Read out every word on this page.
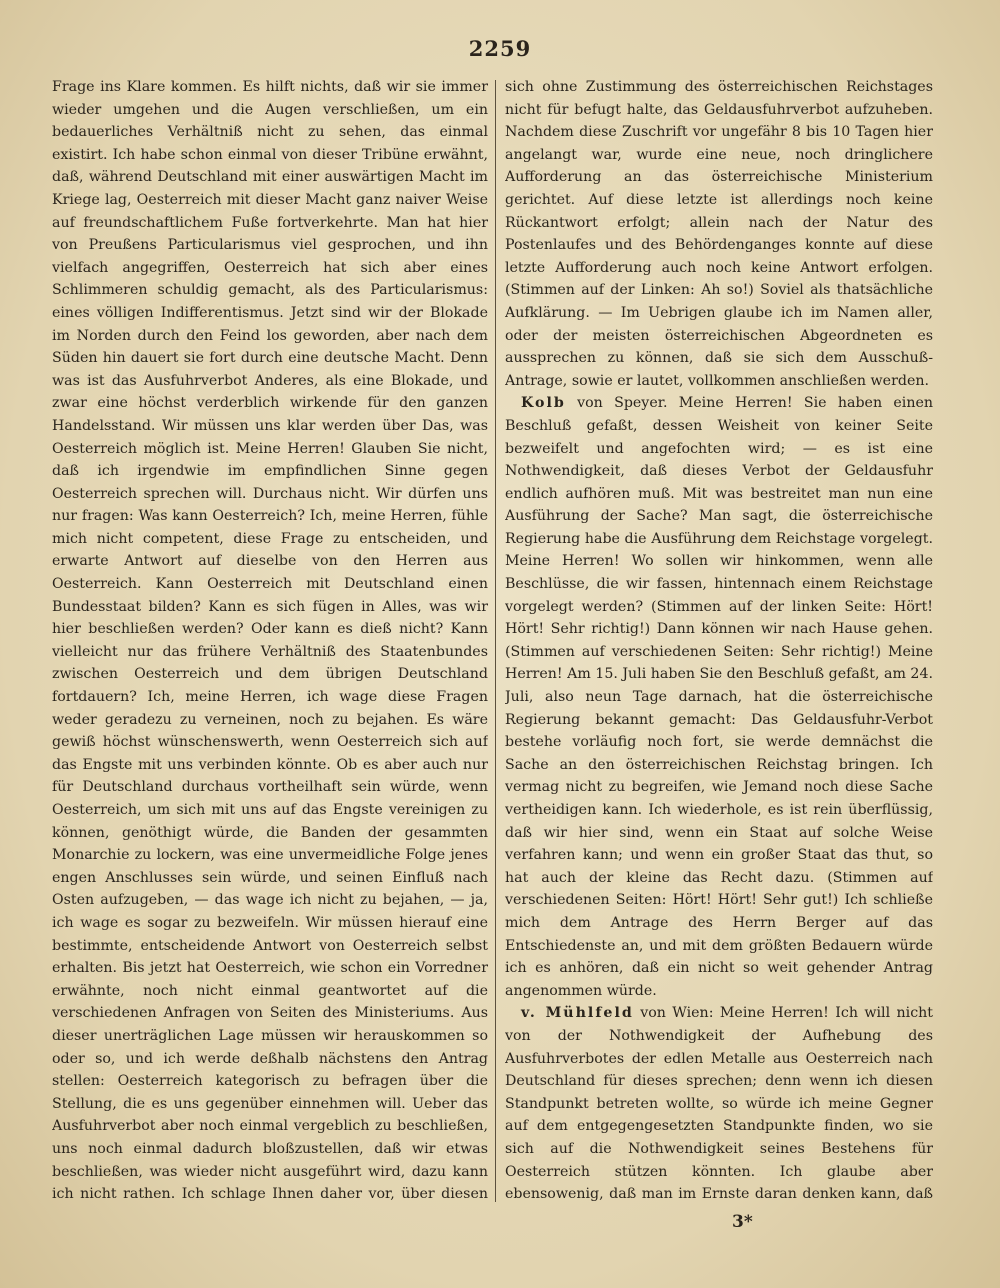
2259

Frage ins Klare kommen. Es hilft nichts, daß wir sie immer wieder umgehen und die Augen verschließen, um ein bedauerliches Verhältniß nicht zu sehen, das einmal existirt. Ich habe schon einmal von dieser Tribüne erwähnt, daß, während Deutschland mit einer auswärtigen Macht im Kriege lag, Oesterreich mit dieser Macht ganz naiver Weise auf freundschaftlichem Fuße fortverkehrte. Man hat hier von Preußens Particularismus viel gesprochen, und ihn vielfach angegriffen, Oesterreich hat sich aber eines Schlimmeren schuldig gemacht, als des Particularismus: eines völligen Indifferentismus. Jetzt sind wir der Blokade im Norden durch den Feind los geworden, aber nach dem Süden hin dauert sie fort durch eine deutsche Macht. Denn was ist das Ausfuhrverbot Anderes, als eine Blokade, und zwar eine höchst verderblich wirkende für den ganzen Handelsstand. Wir müssen uns klar werden über Das, was Oesterreich möglich ist. Meine Herren! Glauben Sie nicht, daß ich irgendwie im empfindlichen Sinne gegen Oesterreich sprechen will. Durchaus nicht. Wir dürfen uns nur fragen: Was kann Oesterreich? Ich, meine Herren, fühle mich nicht competent, diese Frage zu entscheiden, und erwarte Antwort auf dieselbe von den Herren aus Oesterreich. Kann Oesterreich mit Deutschland einen Bundesstaat bilden? Kann es sich fügen in Alles, was wir hier beschließen werden? Oder kann es dieß nicht? Kann vielleicht nur das frühere Verhältniß des Staatenbundes zwischen Oesterreich und dem übrigen Deutschland fortdauern? Ich, meine Herren, ich wage diese Fragen weder geradezu zu verneinen, noch zu bejahen. Es wäre gewiß höchst wünschenswerth, wenn Oesterreich sich auf das Engste mit uns verbinden könnte. Ob es aber auch nur für Deutschland durchaus vortheilhaft sein würde, wenn Oesterreich, um sich mit uns auf das Engste vereinigen zu können, genöthigt würde, die Banden der gesammten Monarchie zu lockern, was eine unvermeidliche Folge jenes engen Anschlusses sein würde, und seinen Einfluß nach Osten aufzugeben, — das wage ich nicht zu bejahen, — ja, ich wage es sogar zu bezweifeln. Wir müssen hierauf eine bestimmte, entscheidende Antwort von Oesterreich selbst erhalten. Bis jetzt hat Oesterreich, wie schon ein Vorredner erwähnte, noch nicht einmal geantwortet auf die verschiedenen Anfragen von Seiten des Ministeriums. Aus dieser unerträglichen Lage müssen wir herauskommen so oder so, und ich werde deßhalb nächstens den Antrag stellen: Oesterreich kategorisch zu befragen über die Stellung, die es uns gegenüber einnehmen will. Ueber das Ausfuhrverbot aber noch einmal vergeblich zu beschließen, uns noch einmal dadurch bloßzustellen, daß wir etwas beschließen, was wieder nicht ausgeführt wird, dazu kann ich nicht rathen. Ich schlage Ihnen daher vor, über diesen

sich ohne Zustimmung des österreichischen Reichstages nicht für befugt halte, das Geldausfuhrverbot aufzuheben. Nachdem diese Zuschrift vor ungefähr 8 bis 10 Tagen hier angelangt war, wurde eine neue, noch dringlichere Aufforderung an das österreichische Ministerium gerichtet. Auf diese letzte ist allerdings noch keine Rückantwort erfolgt; allein nach der Natur des Postenlaufes und des Behördenganges konnte auf diese letzte Aufforderung auch noch keine Antwort erfolgen. (Stimmen auf der Linken: Ah so!) Soviel als thatsächliche Aufklärung. — Im Uebrigen glaube ich im Namen aller, oder der meisten österreichischen Abgeordneten es aussprechen zu können, daß sie sich dem Ausschuß-Antrage, sowie er lautet, vollkommen anschließen werden.

Kolb von Speyer. Meine Herren! Sie haben einen Beschluß gefaßt, dessen Weisheit von keiner Seite bezweifelt und angefochten wird; — es ist eine Nothwendigkeit, daß dieses Verbot der Geldausfuhr endlich aufhören muß. Mit was bestreitet man nun eine Ausführung der Sache? Man sagt, die österreichische Regierung habe die Ausführung dem Reichstage vorgelegt. Meine Herren! Wo sollen wir hinkommen, wenn alle Beschlüsse, die wir fassen, hintennach einem Reichstage vorgelegt werden? (Stimmen auf der linken Seite: Hört! Hört! Sehr richtig!) Dann können wir nach Hause gehen. (Stimmen auf verschiedenen Seiten: Sehr richtig!) Meine Herren! Am 15. Juli haben Sie den Beschluß gefaßt, am 24. Juli, also neun Tage darnach, hat die österreichische Regierung bekannt gemacht: Das Geldausfuhr-Verbot bestehe vorläufig noch fort, sie werde demnächst die Sache an den österreichischen Reichstag bringen. Ich vermag nicht zu begreifen, wie Jemand noch diese Sache vertheidigen kann. Ich wiederhole, es ist rein überflüssig, daß wir hier sind, wenn ein Staat auf solche Weise verfahren kann; und wenn ein großer Staat das thut, so hat auch der kleine das Recht dazu. (Stimmen auf verschiedenen Seiten: Hört! Hört! Sehr gut!) Ich schließe mich dem Antrage des Herrn Berger auf das Entschiedenste an, und mit dem größten Bedauern würde ich es anhören, daß ein nicht so weit gehender Antrag angenommen würde.

v. Mühlfeld von Wien: Meine Herren! Ich will nicht von der Nothwendigkeit der Aufhebung des Ausfuhrverbotes der edlen Metalle aus Oesterreich nach Deutschland für dieses sprechen; denn wenn ich diesen Standpunkt betreten wollte, so würde ich meine Gegner auf dem entgegengesetzten Standpunkte finden, wo sie sich auf die Nothwendigkeit seines Bestehens für Oesterreich stützen könnten. Ich glaube aber ebensowenig, daß man im Ernste daran denken kann, daß

3*
